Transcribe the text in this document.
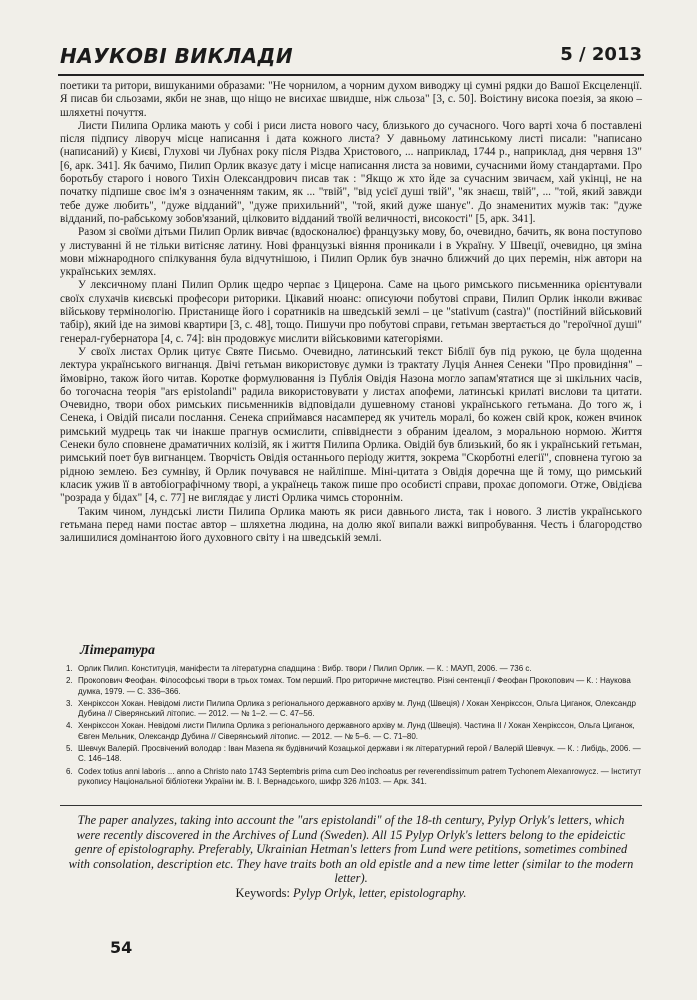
НАУКОВІ ВИКЛАДИ	5 / 2013

поетики та ритори, вишуканими образами: "Не чорнилом, а чорним духом виводжу ці сумні рядки до Вашої Ексцеленції. Я писав би сльозами, якби не знав, що ніщо не висихає швидше, ніж сльоза" [3, с. 50]. Воістину висока поезія, за якою – шляхетні почуття.

Листи Пилипа Орлика мають у собі і риси листа нового часу, близького до сучасного. Чого варті хоча б поставлені після підпису ліворуч місце написання і дата кожного листа? У давньому латинському листі писали: "написано (написаний) у Києві, Глухові чи Лубнах року після Різдва Христового, ... наприклад, 1744 р., наприклад, дня червня 13" [6, арк. 341]. Як бачимо, Пилип Орлик вказує дату і місце написання листа за новими, сучасними йому стандартами. Про боротьбу старого і нового Тихін Олександрович писав так : "Якщо ж хто йде за сучасним звичаєм, хай укінці, не на початку підпише своє ім'я з означенням таким, як ... "твій", "від усієї душі твій", "як знаєш, твій", ... "той, який завжди тебе дуже любить", "дуже відданий", "дуже прихильний", "той, який дуже шанує". До знаменитих мужів так: "дуже відданий, по-рабському зобов'язаний, цілковито відданий твоїй величності, високості" [5, арк. 341].

Разом зі своїми дітьми Пилип Орлик вивчає (вдосконалює) французьку мову, бо, очевидно, бачить, як вона поступово у листуванні й не тільки витісняє латину. Нові французькі віяння проникали і в Україну. У Швеції, очевидно, ця зміна мови міжнародного спілкування була відчутнішою, і Пилип Орлик був значно ближчий до цих перемін, ніж автори на українських землях.

У лексичному плані Пилип Орлик щедро черпає з Цицерона. Саме на цього римського письменника орієнтували своїх слухачів києвські професори риторики. Цікавий нюанс: описуючи побутові справи, Пилип Орлик інколи вживає військову термінологію. Пристанище його і соратників на шведській землі – це "stativum (castra)" (постійний військовий табір), який іде на зимові квартири [3, с. 48], тощо. Пишучи про побутові справи, гетьман звертається до "героїчної душі" генерал-губернатора [4, с. 74]: він продовжує мислити військовими категоріями.

У своїх листах Орлик цитує Святе Письмо. Очевидно, латинський текст Біблії був під рукою, це була щоденна лектура українського вигнанця. Двічі гетьман використовує думки із трактату Луція Аннея Сенеки "Про провидіння" – ймовірно, також його читав. Коротке формулювання із Публія Овідія Назона могло запам'ятатися ще зі шкільних часів, бо тогочасна теорія "ars epistolandi" радила використовувати у листах апофеми, латинські крилаті вислови та цитати. Очевидно, твори обох римських письменників відповідали душевному станові українського гетьмана. До того ж, і Сенека, і Овідій писали послання. Сенека сприймався насамперед як учитель моралі, бо кожен свій крок, кожен вчинок римський мудрець так чи інакше прагнув осмислити, співвіднести з обраним ідеалом, з моральною нормою. Життя Сенеки було сповнене драматичних колізій, як і життя Пилипа Орлика. Овідій був близький, бо як і український гетьман, римський поет був вигнанцем. Творчість Овідія останнього періоду життя, зокрема "Скорботні елегії", сповнена тугою за рідною землею. Без сумніву, й Орлик почувався не найліпше. Міні-цитата з Овідія доречна ще й тому, що римський класик ужив її в автобіографічному творі, а українець також пише про особисті справи, прохає допомоги. Отже, Овідієва "розрада у бідах" [4, с. 77] не виглядає у листі Орлика чимсь стороннім.

Таким чином, лундські листи Пилипа Орлика мають як риси давнього листа, так і нового. З листів українського гетьмана перед нами постає автор – шляхетна людина, на долю якої випали важкі випробування. Честь і благородство залишилися домінантою його духовного світу і на шведській землі.

Література
1. Орлик Пилип. Конституція, маніфести та літературна спадщина : Вибр. твори / Пилип Орлик. — К. : МАУП, 2006. — 736 с.
2. Прокопович Феофан. Філософські твори в трьох томах. Том перший. Про риторичне мистецтво. Різні сентенції / Феофан Прокопович — К. : Наукова думка, 1979. — С. 336–366.
3. Хенрікссон Хокан. Невідомі листи Пилипа Орлика з регіонального державного архіву м. Лунд (Швеція) / Хокан Хенрікссон, Ольга Циганок, Олександр Дубина // Сіверянський літопис. — 2012. — № 1–2. — С. 47–56.
4. Хенрікссон Хокан. Невідомі листи Пилипа Орлика з регіонального державного архіву м. Лунд (Швеція). Частина ІІ / Хокан Хенрікссон, Ольга Циганок, Євген Мельник, Олександр Дубина // Сіверянський літопис. — 2012. — № 5–6. — С. 71–80.
5. Шевчук Валерій. Просвічений володар : Іван Мазепа як будівничий Козацької держави і як літературний герой / Валерій Шевчук. — К. : Либідь, 2006. — С. 146–148.
6. Codex totius anni laboris ... anno a Christo nato 1743 Septembris prima cum Deo inchoatus per reverendissimum patrem Tychonem Alexanrowycz. — Інститут рукопису Національної бібліотеки України ім. В. І. Вернадського, шифр 326 /п103. — Арк. 341.
The paper analyzes, taking into account the "ars epistolandi" of the 18-th century, Pylyp Orlyk's letters, which were recently discovered in the Archives of Lund (Sweden). All 15 Pylyp Orlyk's letters belong to the epideictic genre of epistolography. Preferably, Ukrainian Hetman's letters from Lund were petitions, sometimes combined with consolation, description etc. They have traits both an old epistle and a new time letter (similar to the modern letter).
Keywords: Pylyp Orlyk, letter, epistolography.
54
